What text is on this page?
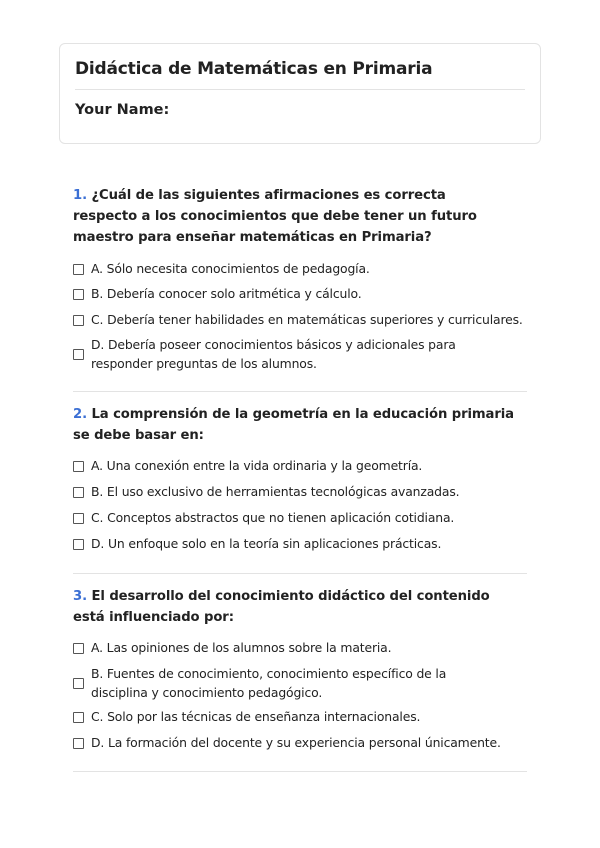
Didáctica de Matemáticas en Primaria
Your Name:
1. ¿Cuál de las siguientes afirmaciones es correcta respecto a los conocimientos que debe tener un futuro maestro para enseñar matemáticas en Primaria?
A. Sólo necesita conocimientos de pedagogía.
B. Debería conocer solo aritmética y cálculo.
C. Debería tener habilidades en matemáticas superiores y curriculares.
D. Debería poseer conocimientos básicos y adicionales para responder preguntas de los alumnos.
2. La comprensión de la geometría en la educación primaria se debe basar en:
A. Una conexión entre la vida ordinaria y la geometría.
B. El uso exclusivo de herramientas tecnológicas avanzadas.
C. Conceptos abstractos que no tienen aplicación cotidiana.
D. Un enfoque solo en la teoría sin aplicaciones prácticas.
3. El desarrollo del conocimiento didáctico del contenido está influenciado por:
A. Las opiniones de los alumnos sobre la materia.
B. Fuentes de conocimiento, conocimiento específico de la disciplina y conocimiento pedagógico.
C. Solo por las técnicas de enseñanza internacionales.
D. La formación del docente y su experiencia personal únicamente.
